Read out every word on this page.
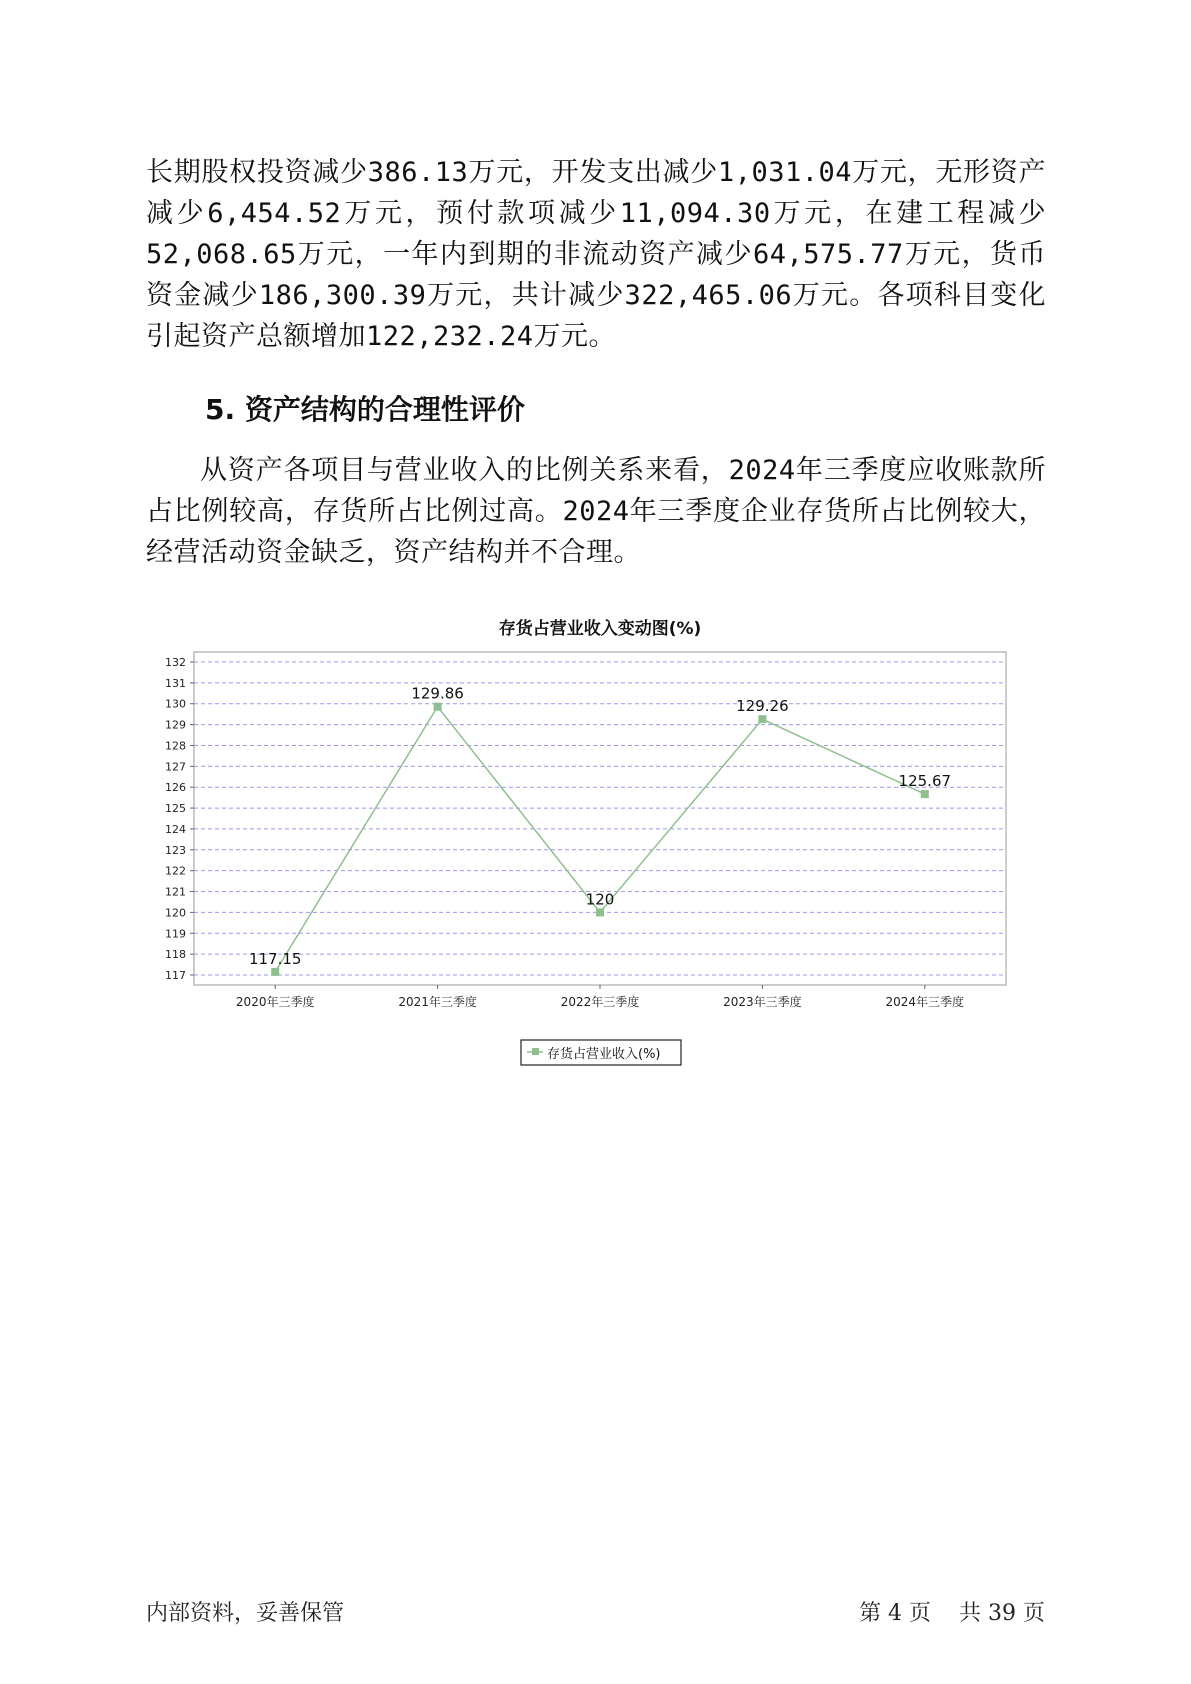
长期股权投资减少386.13万元，开发支出减少1,031.04万元，无形资产减少6,454.52万元，预付款项减少11,094.30万元，在建工程减少52,068.65万元，一年内到期的非流动资产减少64,575.77万元，货币资金减少186,300.39万元，共计减少322,465.06万元。各项科目变化引起资产总额增加122,232.24万元。

5. 资产结构的合理性评价

从资产各项目与营业收入的比例关系来看，2024年三季度应收账款所占比例较高，存货所占比例过高。2024年三季度企业存货所占比例较大，经营活动资金缺乏，资产结构并不合理。

存货占营业收入变动图(%)
117
118
119
120
121
122
123
124
125
126
127
128
129
130
131
132
2020年三季度	2021年三季度	2022年三季度	2023年三季度	2024年三季度
117.15
129.86
120
129.26
125.67
存货占营业收入(%)
内部资料，妥善保管	第 4 页    共 39 页
